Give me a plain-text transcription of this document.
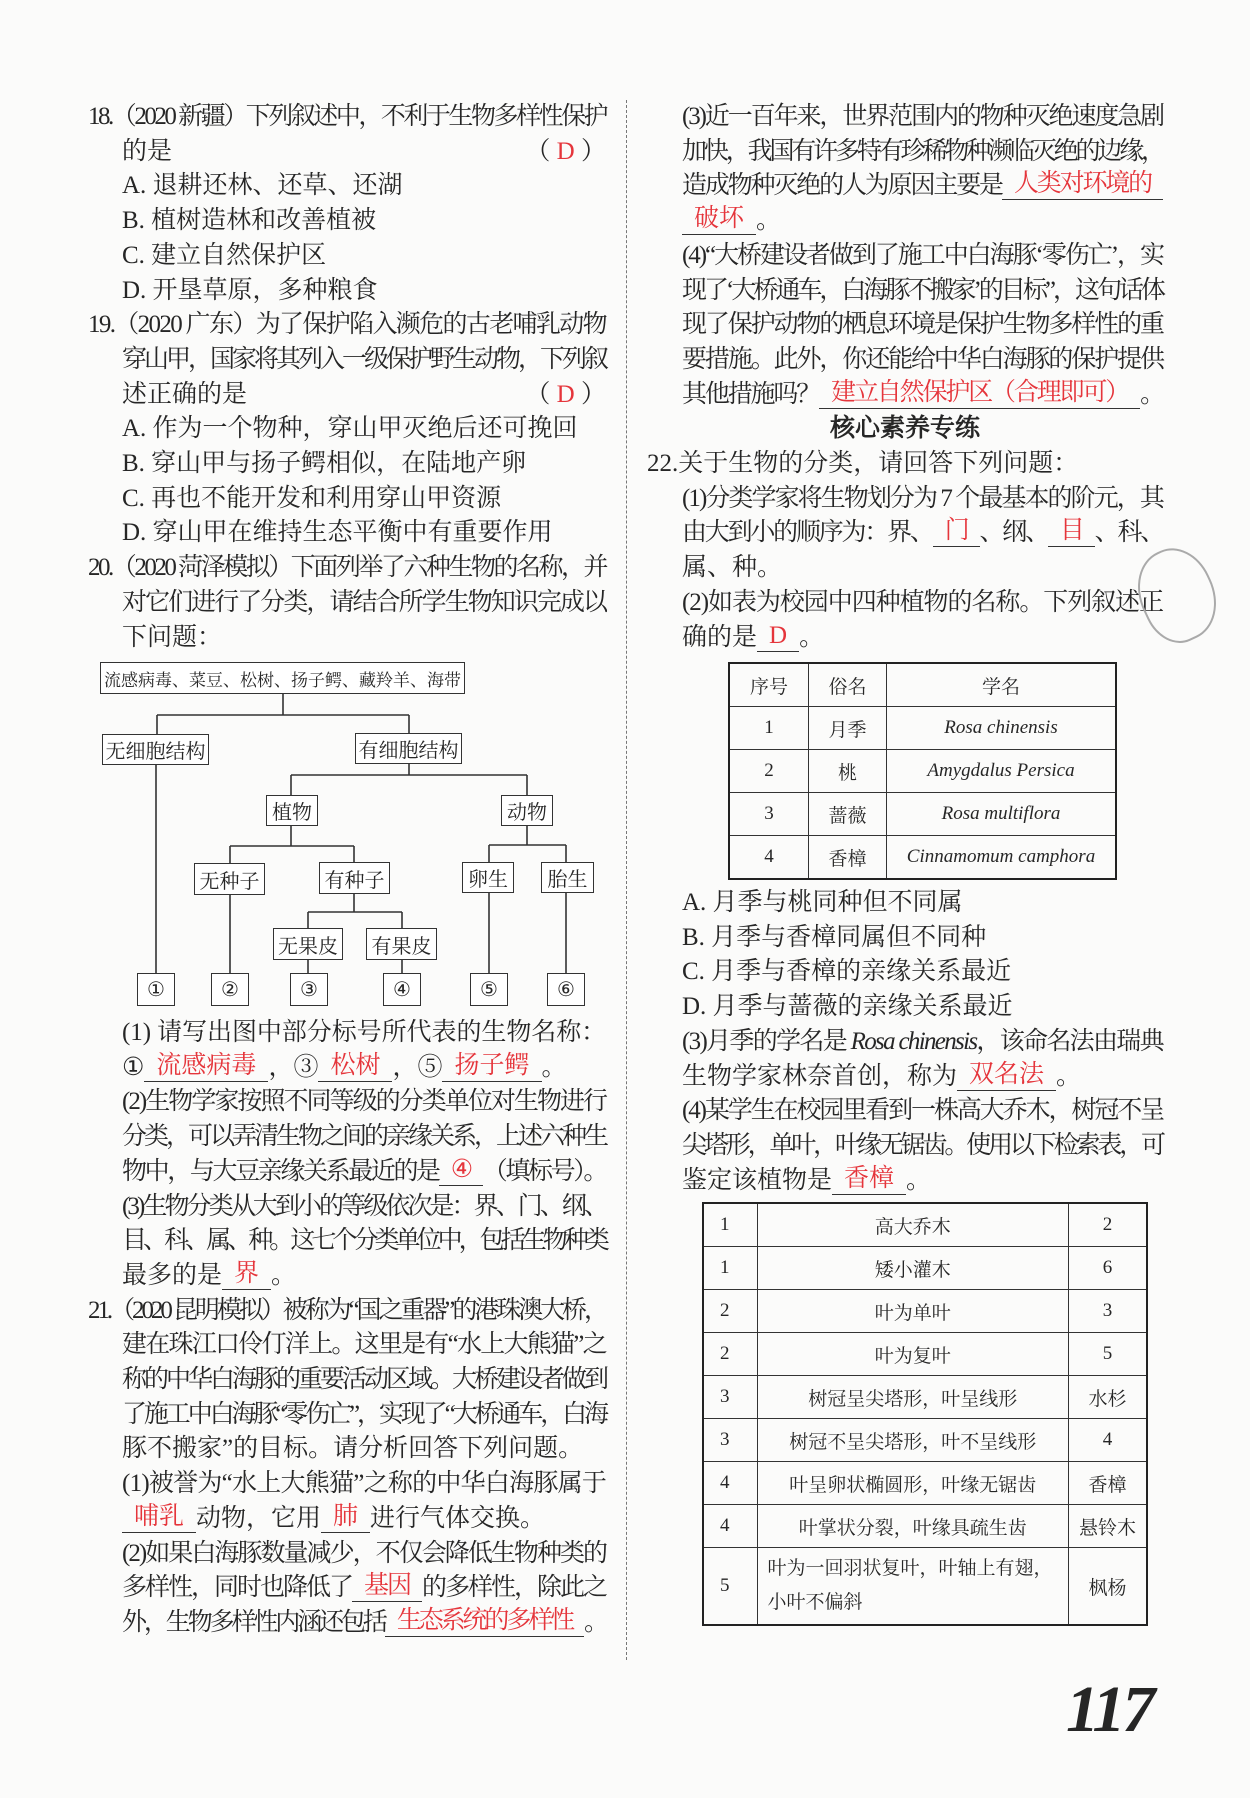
18.（2020 新疆）下列叙述中，不利于生物多样性保护
的是	（ D ）
A. 退耕还林、还草、还湖
B. 植树造林和改善植被
C. 建立自然保护区
D. 开垦草原，多种粮食
19.（2020 广东）为了保护陷入濒危的古老哺乳动物
穿山甲，国家将其列入一级保护野生动物，下列叙
述正确的是	（ D ）
A. 作为一个物种，穿山甲灭绝后还可挽回
B. 穿山甲与扬子鳄相似，在陆地产卵
C. 再也不能开发和利用穿山甲资源
D. 穿山甲在维持生态平衡中有重要作用
20.（2020 菏泽模拟）下面列举了六种生物的名称，并
对它们进行了分类，请结合所学生物知识完成以
下问题：
(1) 请写出图中部分标号所代表的生物名称：
① 流感病毒 ，③ 松树 ，⑤ 扬子鳄 。
(2)生物学家按照不同等级的分类单位对生物进行
分类，可以弄清生物之间的亲缘关系，上述六种生
物中，与大豆亲缘关系最近的是 ④ （填标号）。
(3)生物分类从大到小的等级依次是：界、门、纲、
目、科、属、种。这七个分类单位中，包括生物种类
最多的是 界 。
21.（2020 昆明模拟）被称为“国之重器”的港珠澳大桥，
建在珠江口伶仃洋上。这里是有“水上大熊猫”之
称的中华白海豚的重要活动区域。大桥建设者做到
了施工中白海豚“零伤亡”，实现了“大桥通车，白海
豚不搬家”的目标。请分析回答下列问题。
(1)被誉为“水上大熊猫”之称的中华白海豚属于
哺乳 动物，它用 肺 进行气体交换。
(2)如果白海豚数量减少，不仅会降低生物种类的
多样性，同时也降低了 基因 的多样性，除此之
外，生物多样性内涵还包括 生态系统的多样性 。
(3)近一百年来，世界范围内的物种灭绝速度急剧
加快，我国有许多特有珍稀物种濒临灭绝的边缘，
造成物种灭绝的人为原因主要是 人类对环境的
破坏 。
(4)“大桥建设者做到了施工中白海豚‘零伤亡’，实
现了‘大桥通车，白海豚不搬家’的目标”，这句话体
现了保护动物的栖息环境是保护生物多样性的重
要措施。此外，你还能给中华白海豚的保护提供
其他措施吗？ 建立自然保护区（合理即可） 。
核心素养专练
22.关于生物的分类，请回答下列问题：
(1)分类学家将生物划分为 7 个最基本的阶元，其
由大到小的顺序为：界、 门 、纲、 目 、科、
属、种。
(2)如表为校园中四种植物的名称。下列叙述正
确的是 D 。
A. 月季与桃同种但不同属
B. 月季与香樟同属但不同种
C. 月季与香樟的亲缘关系最近
D. 月季与蔷薇的亲缘关系最近
(3)月季的学名是 Rosa chinensis，该命名法由瑞典
生物学家林奈首创，称为 双名法 。
(4)某学生在校园里看到一株高大乔木，树冠不呈
尖塔形，单叶，叶缘无锯齿。使用以下检索表，可
鉴定该植物是 香樟 。
流感病毒、菜豆、松树、扬子鳄、藏羚羊、海带
无细胞结构	有细胞结构
植物	动物
无种子	有种子	卵生	胎生
无果皮 有果皮
①	②	③	④	⑤	⑥
序号	俗名	学名
1	月季	Rosa chinensis
2	桃	Amygdalus Persica
3	蔷薇	Rosa multiflora
4	香樟	Cinnamomum camphora
1	高大乔木	2
1	矮小灌木	6
2	叶为单叶	3
2	叶为复叶	5
3	树冠呈尖塔形，叶呈线形	水杉
3	树冠不呈尖塔形，叶不呈线形	4
4	叶呈卵状椭圆形，叶缘无锯齿	香樟
4	叶掌状分裂，叶缘具疏生齿	悬铃木
5	叶为一回羽状复叶，叶轴上有翅，小叶不偏斜	枫杨
117
